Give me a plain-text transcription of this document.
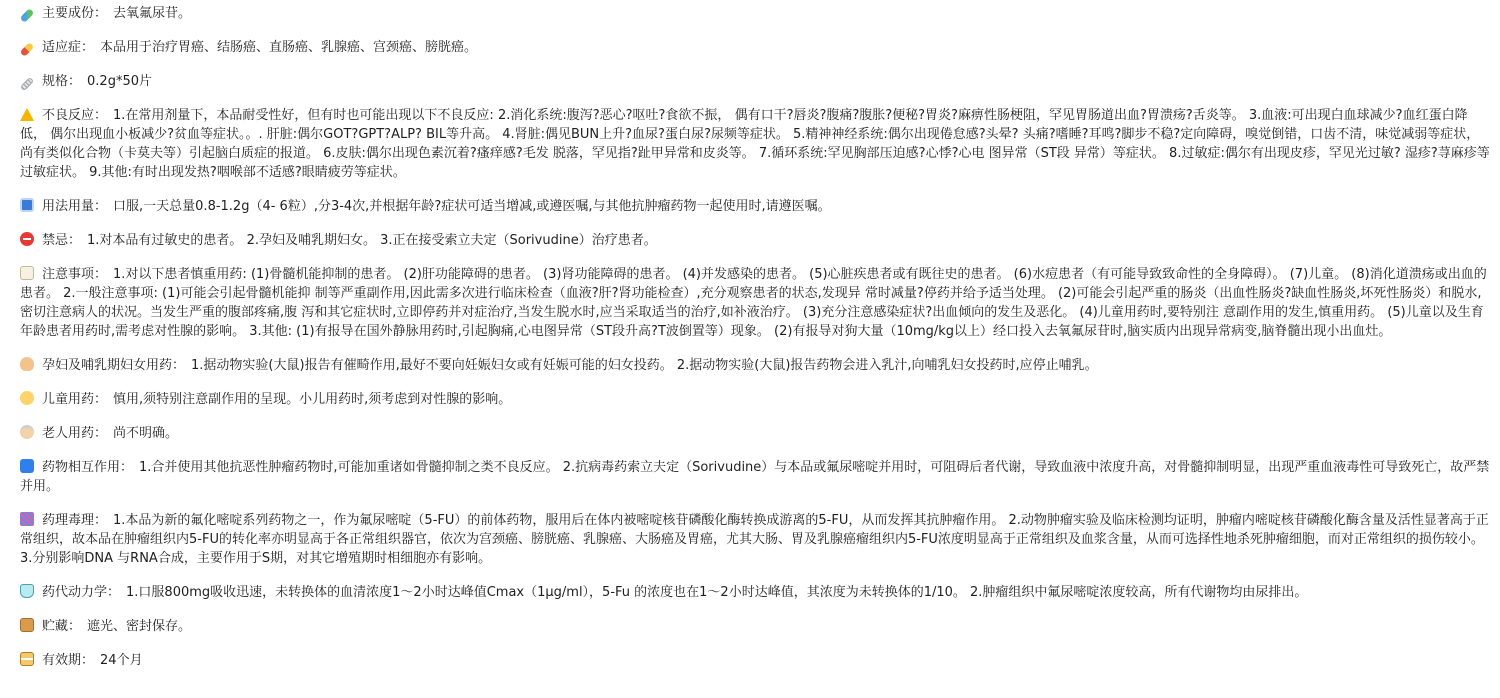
主要成份 ： 去氧氟尿苷。
适应症 ： 本品用于治疗胃癌、结肠癌、直肠癌、乳腺癌、宫颈癌、膀胱癌。
规格 ： 0.2g*50片
不良反应 ： 1.在常用剂量下，本品耐受性好，但有时也可能出现以下不良反应: 2.消化系统:腹泻?恶心?呕吐?食欲不振， 偶有口干?唇炎?腹痛?腹胀?便秘?胃炎?麻痹性肠梗阻，罕见胃肠道出血?胃溃疡?舌炎等。 3.血液:可出现白血球减少?血红蛋白降低， 偶尔出现血小板减少?贫血等症状。。. 肝脏:偶尔GOT?GPT?ALP? BIL等升高。 4.肾脏:偶见BUN上升?血尿?蛋白尿?尿频等症状。 5.精神神经系统:偶尔出现倦怠感?头晕? 头痛?嗜睡?耳鸣?脚步不稳?定向障碍，嗅觉倒错，口齿不清，味觉减弱等症状，尚有类似化合物（卡莫夫等）引起脑白质症的报道。 6.皮肤:偶尔出现色素沉着?瘙痒感?毛发 脱落，罕见指?趾甲异常和皮炎等。 7.循环系统:罕见胸部压迫感?心悸?心电 图异常（ST段 异常）等症状。 8.过敏症:偶尔有出现皮疹，罕见光过敏? 湿疹?荨麻疹等过敏症状。 9.其他:有时出现发热?咽喉部不适感?眼睛疲劳等症状。
用法用量 ： 口服,一天总量0.8-1.2g（4- 6粒）,分3-4次,并根据年龄?症状可适当增减,或遵医嘱,与其他抗肿瘤药物一起使用时,请遵医嘱。
禁忌 ： 1.对本品有过敏史的患者。 2.孕妇及哺乳期妇女。 3.正在接受索立夫定（Sorivudine）治疗患者。
注意事项 ： 1.对以下患者慎重用药: (1)骨髓机能抑制的患者。 (2)肝功能障碍的患者。 (3)肾功能障碍的患者。 (4)并发感染的患者。 (5)心脏疾患者或有既往史的患者。 (6)水痘患者（有可能导致致命性的全身障碍）。 (7)儿童。 (8)消化道溃疡或出血的患者。 2.一般注意事项: (1)可能会引起骨髓机能抑 制等严重副作用,因此需多次进行临床检查（血液?肝?肾功能检查）,充分观察患者的状态,发现异 常时减量?停药并给予适当处理。 (2)可能会引起严重的肠炎（出血性肠炎?缺血性肠炎,坏死性肠炎）和脱水,密切注意病人的状况。当发生严重的腹部疼痛,腹 泻和其它症状时,立即停药并对症治疗,当发生脱水时,应当采取适当的治疗,如补液治疗。 (3)充分注意感染症状?出血倾向的发生及恶化。 (4)儿童用药时,要特别注 意副作用的发生,慎重用药。 (5)儿童以及生育年龄患者用药时,需考虑对性腺的影响。 3.其他: (1)有报导在国外静脉用药时,引起胸痛,心电图异常（ST段升高?T波倒置等）现象。 (2)有报导对狗大量（10mg/kg以上）经口投入去氧氟尿苷时,脑实质内出现异常病变,脑脊髓出现小出血灶。
孕妇及哺乳期妇女用药 ： 1.据动物实验(大鼠)报告有催畸作用,最好不要向妊娠妇女或有妊娠可能的妇女投药。 2.据动物实验(大鼠)报告药物会进入乳汁,向哺乳妇女投药时,应停止哺乳。
儿童用药 ： 慎用,须特别注意副作用的呈现。小儿用药时,须考虑到对性腺的影响。
老人用药 ： 尚不明确。
药物相互作用 ： 1.合并使用其他抗恶性肿瘤药物时,可能加重诸如骨髓抑制之类不良反应。 2.抗病毒药索立夫定（Sorivudine）与本品或氟尿嘧啶并用时，可阻碍后者代谢，导致血液中浓度升高，对骨髓抑制明显，出现严重血液毒性可导致死亡，故严禁并用。
药理毒理 ： 1.本品为新的氟化嘧啶系列药物之一，作为氟尿嘧啶（5-FU）的前体药物，服用后在体内被嘧啶核苷磷酸化酶转换成游离的5-FU，从而发挥其抗肿瘤作用。 2.动物肿瘤实验及临床检测均证明，肿瘤内嘧啶核苷磷酸化酶含量及活性显著高于正常组织，故本品在肿瘤组织内5-FU的转化率亦明显高于各正常组织器官，依次为宫颈癌、膀胱癌、乳腺癌、大肠癌及胃癌，尤其大肠、胃及乳腺癌瘤组织内5-FU浓度明显高于正常组织及血浆含量，从而可选择性地杀死肿瘤细胞，而对正常组织的损伤较小。 3.分别影响DNA 与RNA合成，主要作用于S期，对其它增殖期时相细胞亦有影响。
药代动力学 ： 1.口服800mg吸收迅速，未转换体的血清浓度1～2小时达峰值Cmax（1μg/ml），5-Fu 的浓度也在1～2小时达峰值，其浓度为未转换体的1/10。 2.肿瘤组织中氟尿嘧啶浓度较高，所有代谢物均由尿排出。
贮藏 ： 遮光、密封保存。
有效期 ： 24个月
